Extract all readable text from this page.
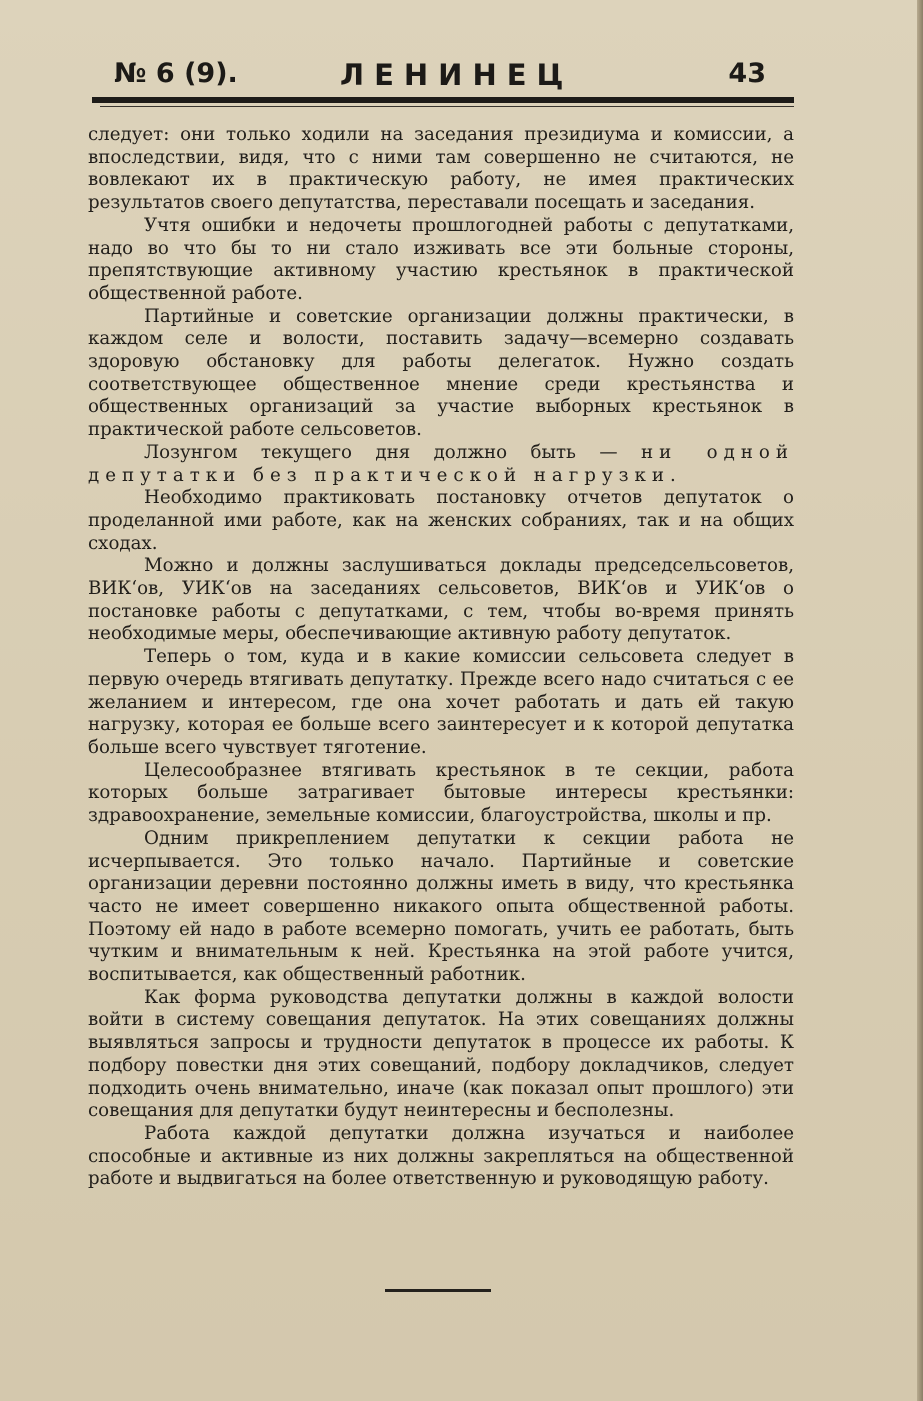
№ 6 (9).	ЛЕНИНЕЦ	43

следует: они только ходили на заседания президиума и комиссии, а впоследствии, видя, что с ними там совершенно не считаются, не вовлекают их в практическую работу, не имея практических результатов своего депутатства, переставали посещать и заседания.

Учтя ошибки и недочеты прошлогодней работы с депутатками, надо во что бы то ни стало изживать все эти больные стороны, препятствующие активному участию крестьянок в практической общественной работе.

Партийные и советские организации должны практически, в каждом селе и волости, поставить задачу—всемерно создавать здоровую обстановку для работы делегаток. Нужно создать соответствующее общественное мнение среди крестьянства и общественных организаций за участие выборных крестьянок в практической работе сельсоветов.

Лозунгом текущего дня должно быть — ни одной депутатки без практической нагрузки.

Необходимо практиковать постановку отчетов депутаток о проделанной ими работе, как на женских собраниях, так и на общих сходах.

Можно и должны заслушиваться доклады председсельсоветов, ВИК‘ов, УИК‘ов на заседаниях сельсоветов, ВИК‘ов и УИК‘ов о постановке работы с депутатками, с тем, чтобы во-время принять необходимые меры, обеспечивающие активную работу депутаток.

Теперь о том, куда и в какие комиссии сельсовета следует в первую очередь втягивать депутатку. Прежде всего надо считаться с ее желанием и интересом, где она хочет работать и дать ей такую нагрузку, которая ее больше всего заинтересует и к которой депутатка больше всего чувствует тяготение.

Целесообразнее втягивать крестьянок в те секции, работа которых больше затрагивает бытовые интересы крестьянки: здравоохранение, земельные комиссии, благоустройства, школы и пр.

Одним прикреплением депутатки к секции работа не исчерпывается. Это только начало. Партийные и советские организации деревни постоянно должны иметь в виду, что крестьянка часто не имеет совершенно никакого опыта общественной работы. Поэтому ей надо в работе всемерно помогать, учить ее работать, быть чутким и внимательным к ней. Крестьянка на этой работе учится, воспитывается, как общественный работник.

Как форма руководства депутатки должны в каждой волости войти в систему совещания депутаток. На этих совещаниях должны выявляться запросы и трудности депутаток в процессе их работы. К подбору повестки дня этих совещаний, подбору докладчиков, следует подходить очень внимательно, иначе (как показал опыт прошлого) эти совещания для депутатки будут неинтересны и бесполезны.

Работа каждой депутатки должна изучаться и наиболее способные и активные из них должны закрепляться на общественной работе и выдвигаться на более ответственную и руководящую работу.
